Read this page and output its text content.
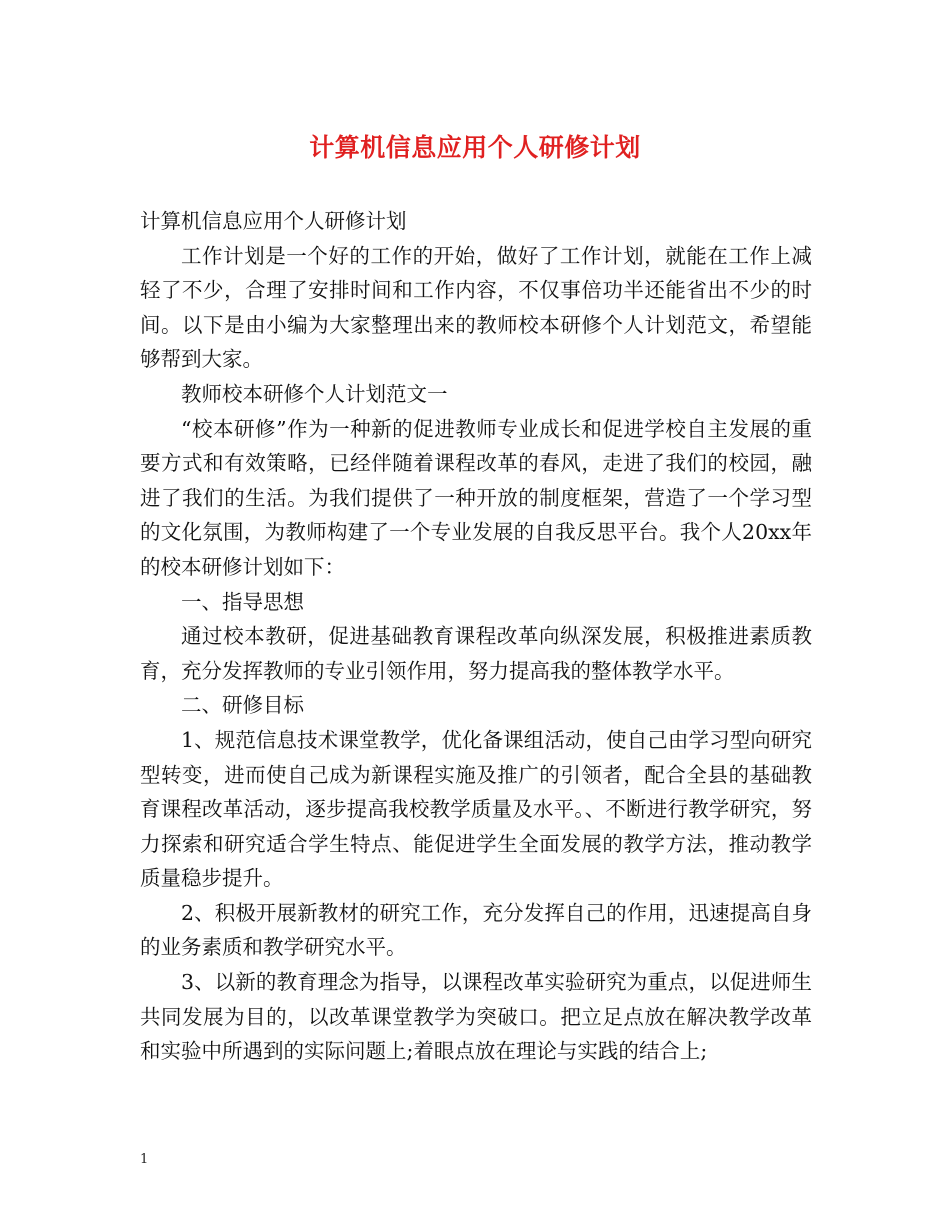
计算机信息应用个人研修计划

计算机信息应用个人研修计划

工作计划是一个好的工作的开始，做好了工作计划，就能在工作上减轻了不少，合理了安排时间和工作内容，不仅事倍功半还能省出不少的时间。以下是由小编为大家整理出来的教师校本研修个人计划范文，希望能够帮到大家。

教师校本研修个人计划范文一

“校本研修”作为一种新的促进教师专业成长和促进学校自主发展的重要方式和有效策略，已经伴随着课程改革的春风，走进了我们的校园，融进了我们的生活。为我们提供了一种开放的制度框架，营造了一个学习型的文化氛围，为教师构建了一个专业发展的自我反思平台。我个人20xx年的校本研修计划如下：

一、指导思想

通过校本教研，促进基础教育课程改革向纵深发展，积极推进素质教育，充分发挥教师的专业引领作用，努力提高我的整体教学水平。

二、研修目标

1、规范信息技术课堂教学，优化备课组活动，使自己由学习型向研究型转变，进而使自己成为新课程实施及推广的引领者，配合全县的基础教育课程改革活动，逐步提高我校教学质量及水平。、不断进行教学研究，努力探索和研究适合学生特点、能促进学生全面发展的教学方法，推动教学质量稳步提升。

2、积极开展新教材的研究工作，充分发挥自己的作用，迅速提高自身的业务素质和教学研究水平。

3、以新的教育理念为指导，以课程改革实验研究为重点，以促进师生共同发展为目的，以改革课堂教学为突破口。把立足点放在解决教学改革和实验中所遇到的实际问题上;着眼点放在理论与实践的结合上;

1
